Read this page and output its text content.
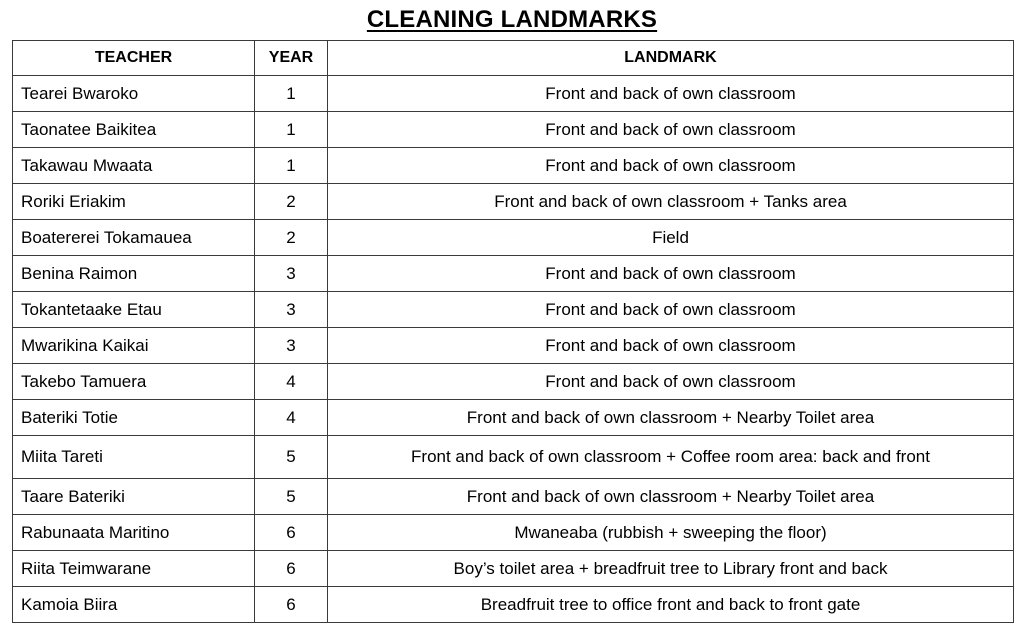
CLEANING LANDMARKS
TEACHER	YEAR	LANDMARK
Tearei Bwaroko	1	Front and back of own classroom
Taonatee Baikitea	1	Front and back of own classroom
Takawau Mwaata	1	Front and back of own classroom
Roriki Eriakim	2	Front and back of own classroom + Tanks area
Boatererei Tokamauea	2	Field
Benina Raimon	3	Front and back of own classroom
Tokantetaake Etau	3	Front and back of own classroom
Mwarikina Kaikai	3	Front and back of own classroom
Takebo Tamuera	4	Front and back of own classroom
Bateriki Totie	4	Front and back of own classroom + Nearby Toilet area
Miita Tareti	5	Front and back of own classroom + Coffee room area: back and front
Taare Bateriki	5	Front and back of own classroom + Nearby Toilet area
Rabunaata Maritino	6	Mwaneaba (rubbish + sweeping the floor)
Riita Teimwarane	6	Boy’s toilet area + breadfruit tree to Library front and back
Kamoia Biira	6	Breadfruit tree to office front and back to front gate
